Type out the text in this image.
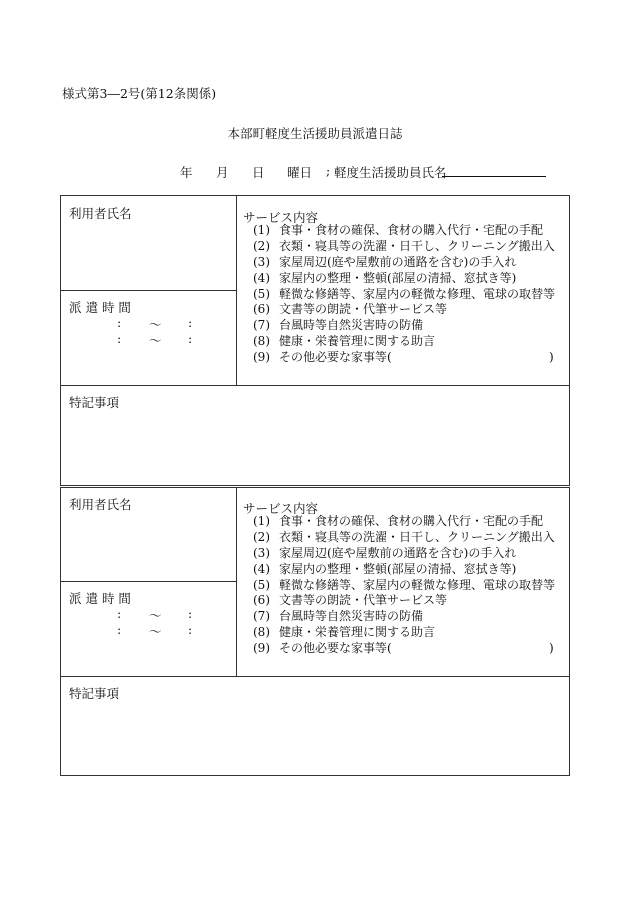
様式第3―2号(第12条関係)
本部町軽度生活援助員派遣日誌
年 月 日 曜日 ; 軽度生活援助員氏名
利用者氏名
派 遣 時 間
: 〜 :
: 〜 :
サービス内容
(1) 食事・食材の確保、食材の購入代行・宅配の手配
(2) 衣類・寝具等の洗濯・日干し、クリーニング搬出入
(3) 家屋周辺(庭や屋敷前の通路を含む)の手入れ
(4) 家屋内の整理・整頓(部屋の清掃、窓拭き等)
(5) 軽微な修繕等、家屋内の軽微な修理、電球の取替等
(6) 文書等の朗読・代筆サービス等
(7) 台風時等自然災害時の防備
(8) 健康・栄養管理に関する助言
(9) その他必要な家事等(	)
特記事項
利用者氏名
派 遣 時 間
: 〜 :
: 〜 :
サービス内容
(1) 食事・食材の確保、食材の購入代行・宅配の手配
(2) 衣類・寝具等の洗濯・日干し、クリーニング搬出入
(3) 家屋周辺(庭や屋敷前の通路を含む)の手入れ
(4) 家屋内の整理・整頓(部屋の清掃、窓拭き等)
(5) 軽微な修繕等、家屋内の軽微な修理、電球の取替等
(6) 文書等の朗読・代筆サービス等
(7) 台風時等自然災害時の防備
(8) 健康・栄養管理に関する助言
(9) その他必要な家事等(	)
特記事項
